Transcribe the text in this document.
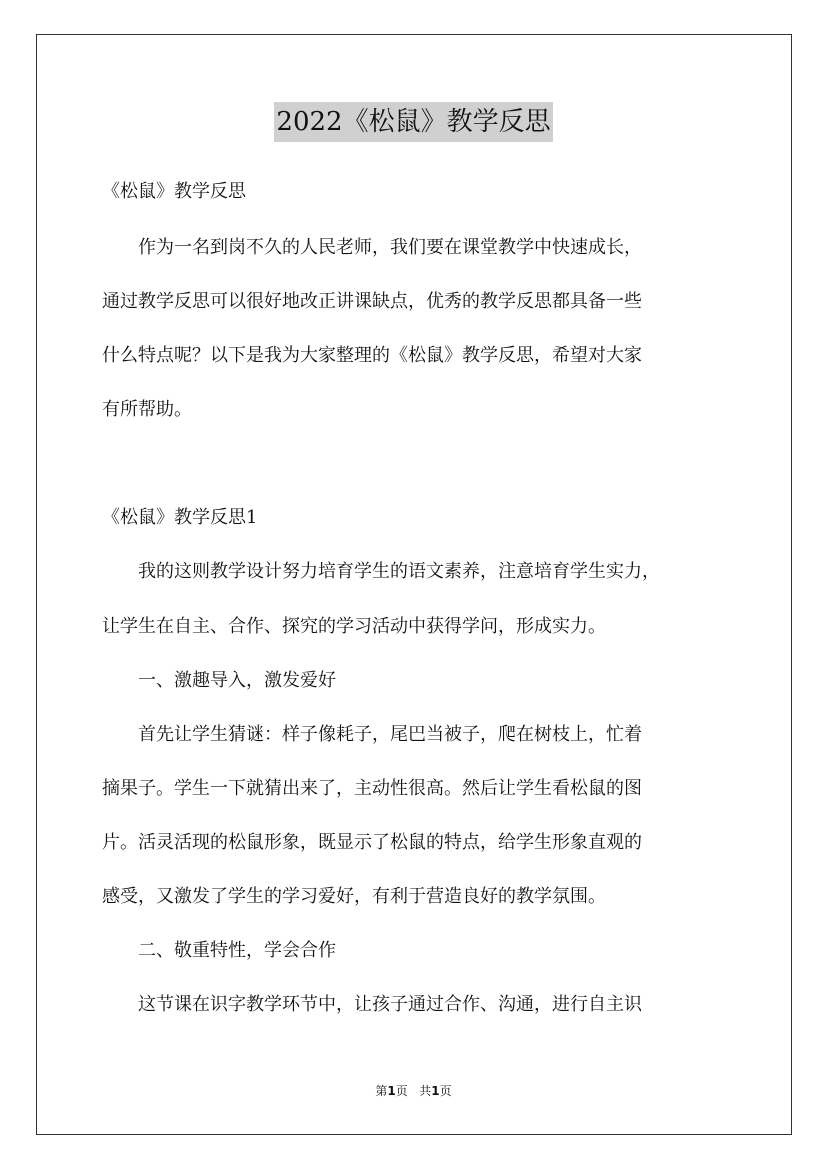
2022《松鼠》教学反思

《松鼠》教学反思

作为一名到岗不久的人民老师，我们要在课堂教学中快速成长，

通过教学反思可以很好地改正讲课缺点，优秀的教学反思都具备一些

什么特点呢？以下是我为大家整理的《松鼠》教学反思，希望对大家

有所帮助。

《松鼠》教学反思1

我的这则教学设计努力培育学生的语文素养，注意培育学生实力，

让学生在自主、合作、探究的学习活动中获得学问，形成实力。

一、激趣导入，激发爱好

首先让学生猜谜：样子像耗子，尾巴当被子，爬在树枝上，忙着

摘果子。学生一下就猜出来了，主动性很高。然后让学生看松鼠的图

片。活灵活现的松鼠形象，既显示了松鼠的特点，给学生形象直观的

感受，又激发了学生的学习爱好，有利于营造良好的教学氛围。

二、敬重特性，学会合作

这节课在识字教学环节中，让孩子通过合作、沟通，进行自主识

第1页 共1页
